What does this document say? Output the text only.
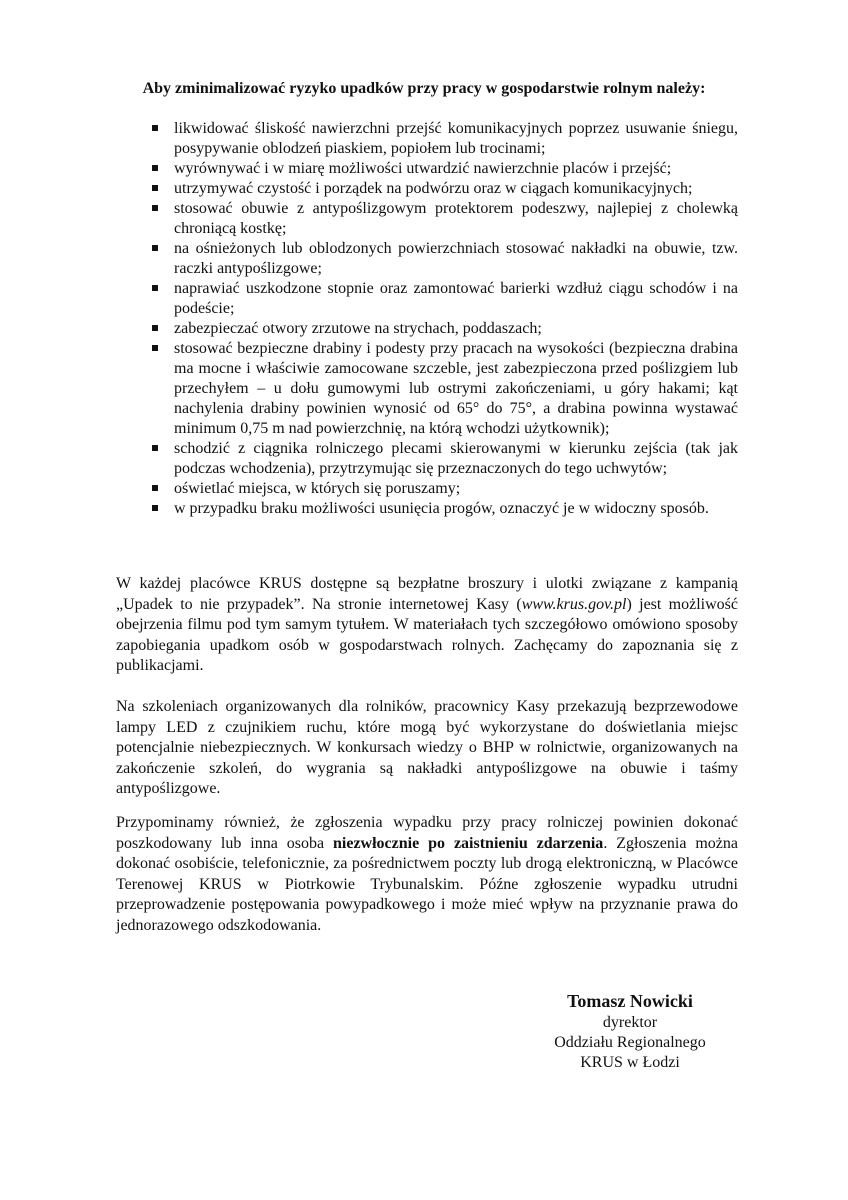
Aby zminimalizować ryzyko upadków przy pracy w gospodarstwie rolnym należy:

likwidować śliskość nawierzchni przejść komunikacyjnych poprzez usuwanie śniegu, posypywanie oblodzeń piaskiem, popiołem lub trocinami;
wyrównywać i w miarę możliwości utwardzić nawierzchnie placów i przejść;
utrzymywać czystość i porządek na podwórzu oraz w ciągach komunikacyjnych;
stosować obuwie z antypoślizgowym protektorem podeszwy, najlepiej z cholewką chroniącą kostkę;
na ośnieżonych lub oblodzonych powierzchniach stosować nakładki na obuwie, tzw. raczki antypoślizgowe;
naprawiać uszkodzone stopnie oraz zamontować barierki wzdłuż ciągu schodów i na podeście;
zabezpieczać otwory zrzutowe na strychach, poddaszach;
stosować bezpieczne drabiny i podesty przy pracach na wysokości (bezpieczna drabina ma mocne i właściwie zamocowane szczeble, jest zabezpieczona przed poślizgiem lub przechyłem – u dołu gumowymi lub ostrymi zakończeniami, u góry hakami; kąt nachylenia drabiny powinien wynosić od 65° do 75°, a drabina powinna wystawać minimum 0,75 m nad powierzchnię, na którą wchodzi użytkownik);
schodzić z ciągnika rolniczego plecami skierowanymi w kierunku zejścia (tak jak podczas wchodzenia), przytrzymując się przeznaczonych do tego uchwytów;
oświetlać miejsca, w których się poruszamy;
w przypadku braku możliwości usunięcia progów, oznaczyć je w widoczny sposób.

W każdej placówce KRUS dostępne są bezpłatne broszury i ulotki związane z kampanią „Upadek to nie przypadek”. Na stronie internetowej Kasy (www.krus.gov.pl) jest możliwość obejrzenia filmu pod tym samym tytułem. W materiałach tych szczegółowo omówiono sposoby zapobiegania upadkom osób w gospodarstwach rolnych. Zachęcamy do zapoznania się z publikacjami.

Na szkoleniach organizowanych dla rolników, pracownicy Kasy przekazują bezprzewodowe lampy LED z czujnikiem ruchu, które mogą być wykorzystane do doświetlania miejsc potencjalnie niebezpiecznych. W konkursach wiedzy o BHP w rolnictwie, organizowanych na zakończenie szkoleń, do wygrania są nakładki antypoślizgowe na obuwie i taśmy antypoślizgowe.

Przypominamy również, że zgłoszenia wypadku przy pracy rolniczej powinien dokonać poszkodowany lub inna osoba niezwłocznie po zaistnieniu zdarzenia. Zgłoszenia można dokonać osobiście, telefonicznie, za pośrednictwem poczty lub drogą elektroniczną, w Placówce Terenowej KRUS w Piotrkowie Trybunalskim. Późne zgłoszenie wypadku utrudni przeprowadzenie postępowania powypadkowego i może mieć wpływ na przyznanie prawa do jednorazowego odszkodowania.

Tomasz Nowicki

dyrektor

Oddziału Regionalnego

KRUS w Łodzi
